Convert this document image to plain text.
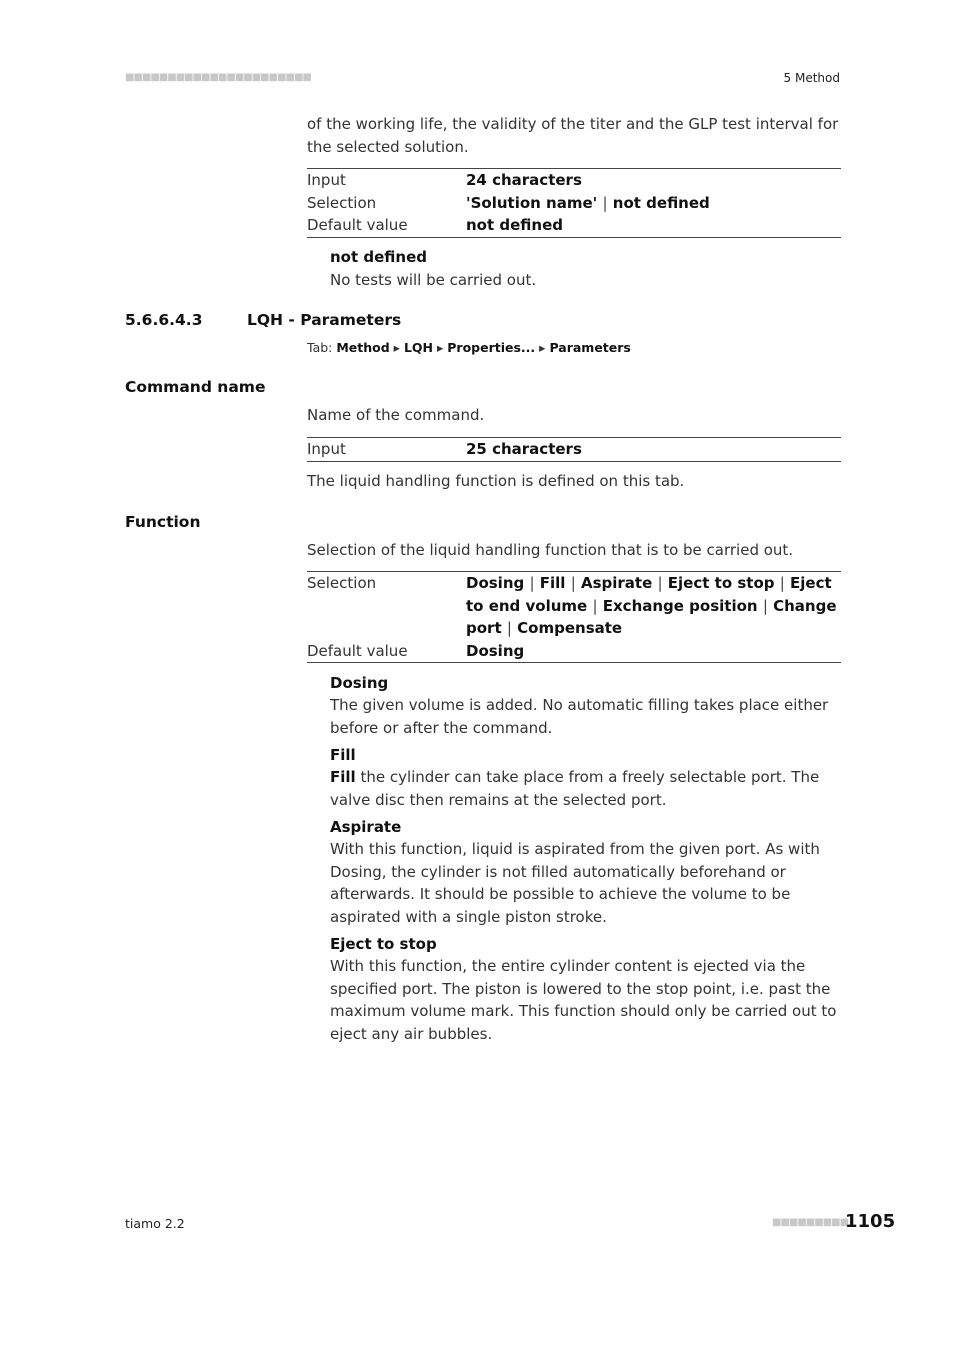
■■■■■■■■■■■■■■■■■■■■■■	5 Method
of the working life, the validity of the titer and the GLP test interval for the selected solution.
Input	24 characters
Selection	'Solution name' | not defined
Default value	not defined
not defined
No tests will be carried out.
5.6.6.4.3	LQH - Parameters
Tab: Method ▸ LQH ▸ Properties... ▸ Parameters
Command name
Name of the command.
Input	25 characters
The liquid handling function is defined on this tab.
Function
Selection of the liquid handling function that is to be carried out.
Selection	Dosing | Fill | Aspirate | Eject to stop | Eject to end volume | Exchange position | Change port | Compensate

Default value	Dosing
Dosing
The given volume is added. No automatic filling takes place either before or after the command.
Fill
Fill the cylinder can take place from a freely selectable port. The valve disc then remains at the selected port.
Aspirate
With this function, liquid is aspirated from the given port. As with Dosing, the cylinder is not filled automatically beforehand or afterwards. It should be possible to achieve the volume to be aspirated with a single piston stroke.
Eject to stop
With this function, the entire cylinder content is ejected via the specified port. The piston is lowered to the stop point, i.e. past the maximum volume mark. This function should only be carried out to eject any air bubbles.
tiamo 2.2	■■■■■■■■■
1105
